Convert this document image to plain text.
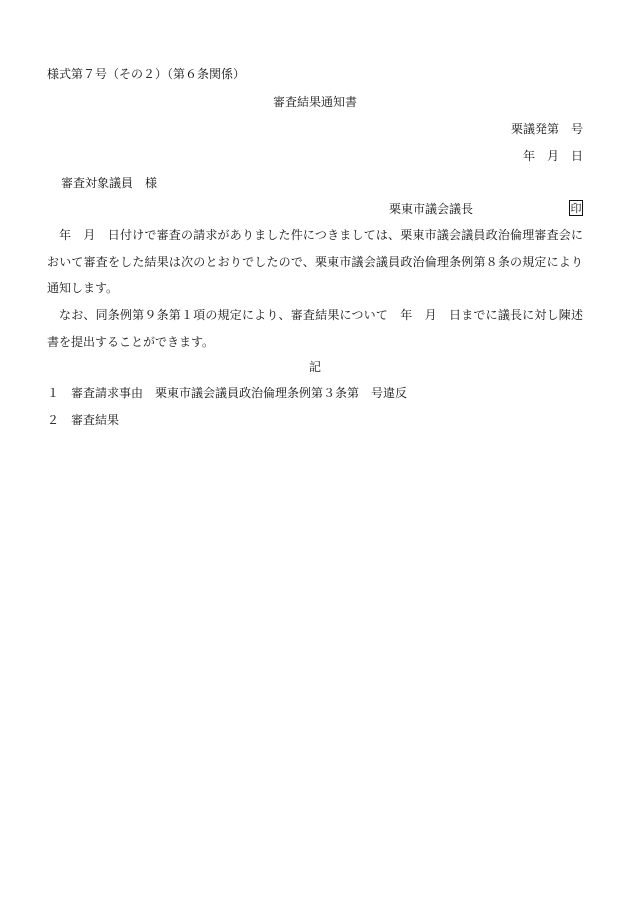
様式第７号（その２）（第６条関係）
審査結果通知書
栗議発第　号
年　月　日
審査対象議員　様
栗東市議会議長	印
年　月　日付けで審査の請求がありました件につきましては、栗東市議会議員政治倫理審査会において審査をした結果は次のとおりでしたので、栗東市議会議員政治倫理条例第８条の規定により通知します。
なお、同条例第９条第１項の規定により、審査結果について　年　月　日までに議長に対し陳述書を提出することができます。
記
１ 審査請求事由　栗東市議会議員政治倫理条例第３条第　号違反
２ 審査結果
